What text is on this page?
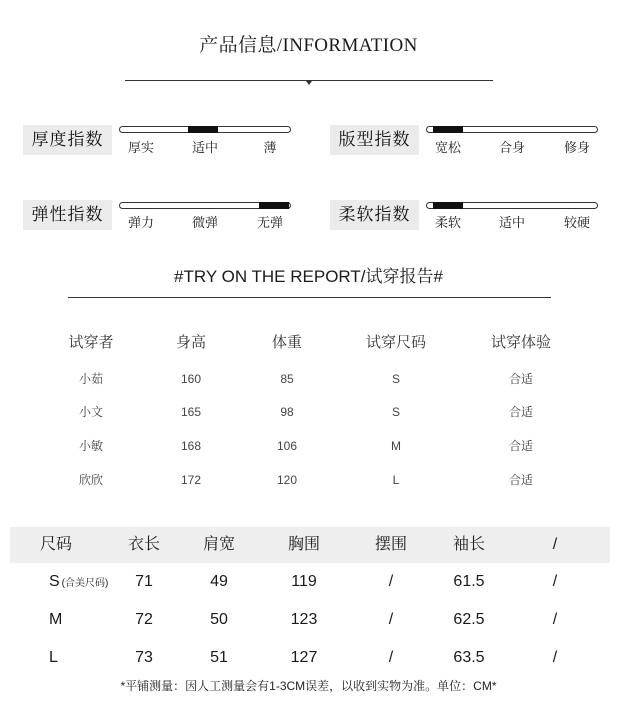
产品信息/INFORMATION
厚度指数	厚实	适中	薄	版型指数	宽松	合身	修身
弹性指数	弹力	微弹	无弹	柔软指数	柔软	适中	较硬
#TRY ON THE REPORT/试穿报告#
试穿者	身高	体重	试穿尺码	试穿体验
小茹	160	85	S	合适
小文	165	98	S	合适
小敏	168	106	M	合适
欣欣	172	120	L	合适
尺码	衣长	肩宽	胸围	摆围	袖长	/
S (合美尺码)	71	49	119	/	61.5	/
M	72	50	123	/	62.5	/
L	73	51	127	/	63.5	/
*平铺测量：因人工测量会有1-3CM误差，以收到实物为准。单位：CM*
